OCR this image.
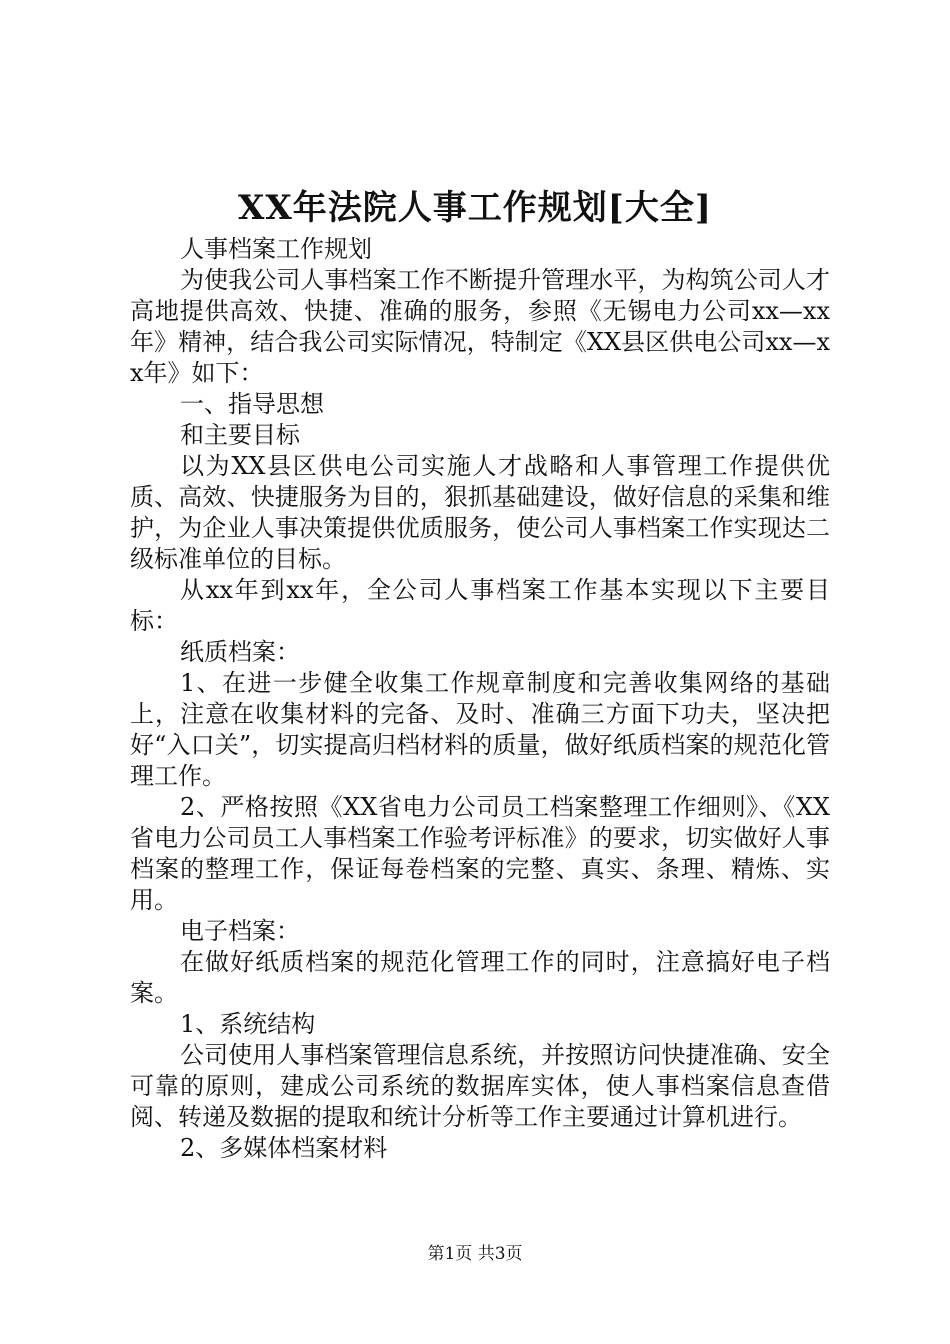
XX年法院人事工作规划[大全]

人事档案工作规划

为使我公司人事档案工作不断提升管理水平，为构筑公司人才高地提供高效、快捷、准确的服务，参照《无锡电力公司xx—xx年》精神，结合我公司实际情况，特制定《XX县区供电公司xx—xx年》如下：

一、指导思想

和主要目标

以为XX县区供电公司实施人才战略和人事管理工作提供优质、高效、快捷服务为目的，狠抓基础建设，做好信息的采集和维护，为企业人事决策提供优质服务，使公司人事档案工作实现达二级标准单位的目标。

从xx年到xx年，全公司人事档案工作基本实现以下主要目标：

纸质档案：

1、在进一步健全收集工作规章制度和完善收集网络的基础上，注意在收集材料的完备、及时、准确三方面下功夫，坚决把好“入口关”，切实提高归档材料的质量，做好纸质档案的规范化管理工作。

2、严格按照《XX省电力公司员工档案整理工作细则》、《XX省电力公司员工人事档案工作验考评标准》的要求，切实做好人事档案的整理工作，保证每卷档案的完整、真实、条理、精炼、实用。

电子档案：

在做好纸质档案的规范化管理工作的同时，注意搞好电子档案。

1、系统结构

公司使用人事档案管理信息系统，并按照访问快捷准确、安全可靠的原则，建成公司系统的数据库实体，使人事档案信息查借阅、转递及数据的提取和统计分析等工作主要通过计算机进行。

2、多媒体档案材料

第1页 共3页
